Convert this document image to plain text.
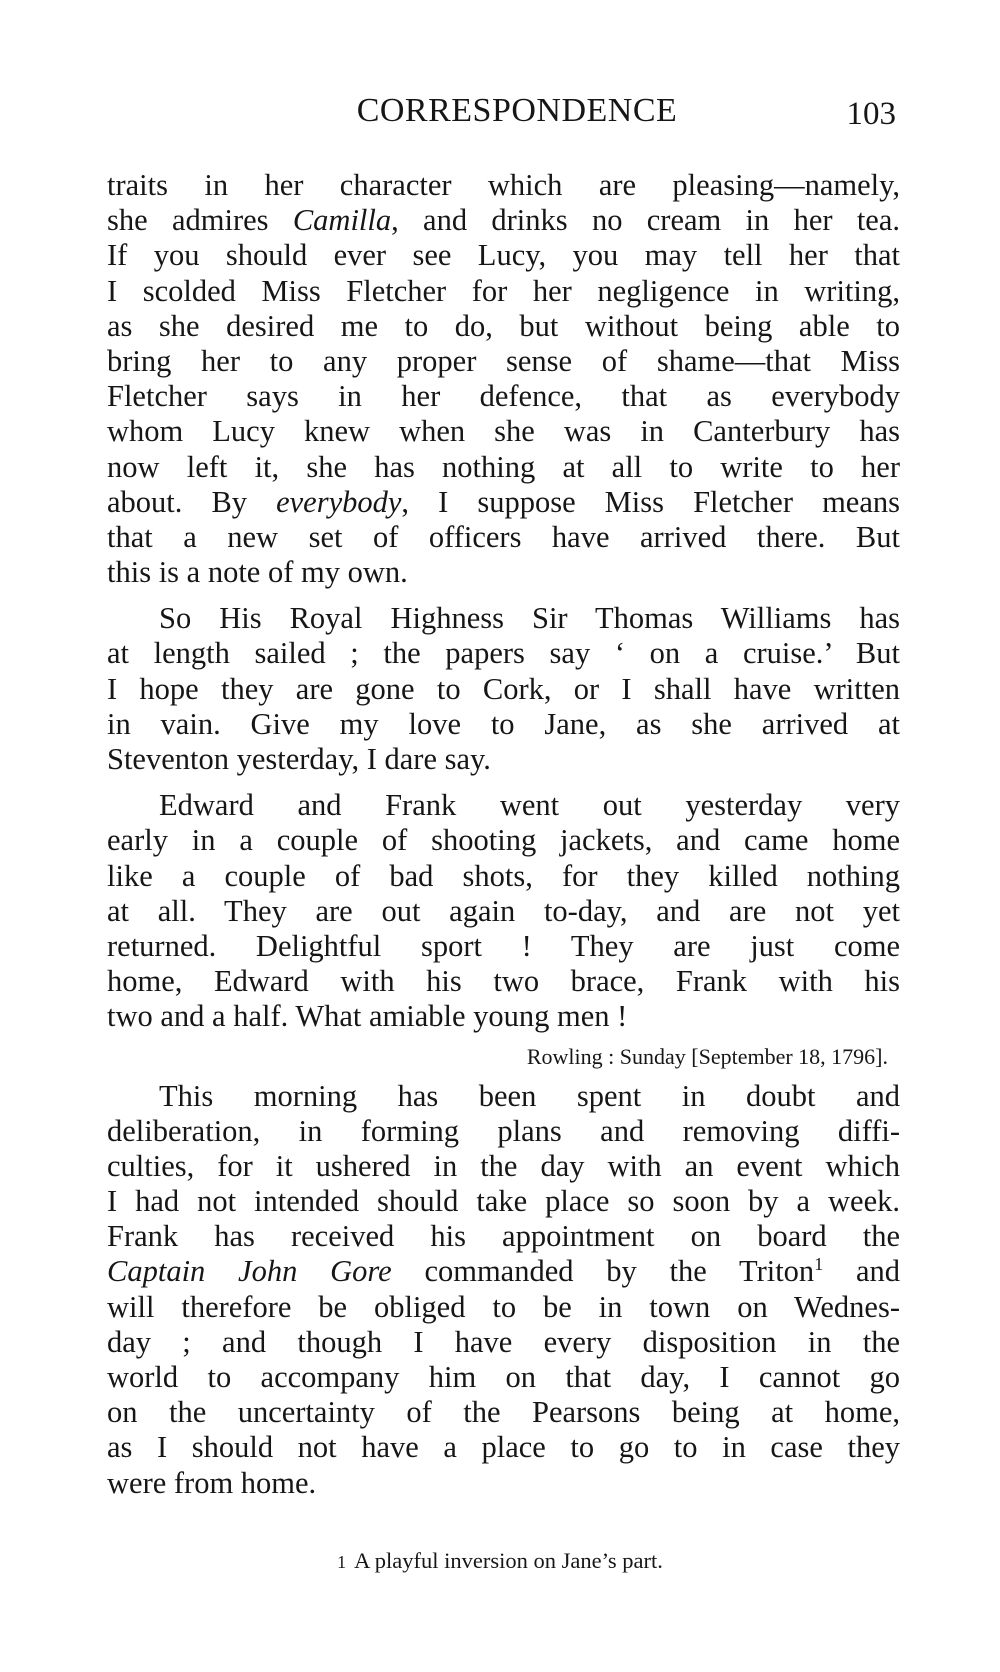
CORRESPONDENCE	103
traits in her character which are pleasing—namely,
she admires Camilla, and drinks no cream in her tea.
If you should ever see Lucy, you may tell her that
I scolded Miss Fletcher for her negligence in writing,
as she desired me to do, but without being able to
bring her to any proper sense of shame—that Miss
Fletcher says in her defence, that as everybody
whom Lucy knew when she was in Canterbury has
now left it, she has nothing at all to write to her
about. By everybody, I suppose Miss Fletcher means
that a new set of officers have arrived there. But
this is a note of my own.
So His Royal Highness Sir Thomas Williams has
at length sailed ; the papers say ‘ on a cruise.’ But
I hope they are gone to Cork, or I shall have written
in vain. Give my love to Jane, as she arrived at
Steventon yesterday, I dare say.
Edward and Frank went out yesterday very
early in a couple of shooting jackets, and came home
like a couple of bad shots, for they killed nothing
at all. They are out again to-day, and are not yet
returned. Delightful sport ! They are just come
home, Edward with his two brace, Frank with his
two and a half. What amiable young men !
Rowling : Sunday [September 18, 1796].
This morning has been spent in doubt and
deliberation, in forming plans and removing diffi-
culties, for it ushered in the day with an event which
I had not intended should take place so soon by a week.
Frank has received his appointment on board the
Captain John Gore commanded by the Triton$^1$ and
will therefore be obliged to be in town on Wednes-
day ; and though I have every disposition in the
world to accompany him on that day, I cannot go
on the uncertainty of the Pearsons being at home,
as I should not have a place to go to in case they
were from home.
1 A playful inversion on Jane’s part.
